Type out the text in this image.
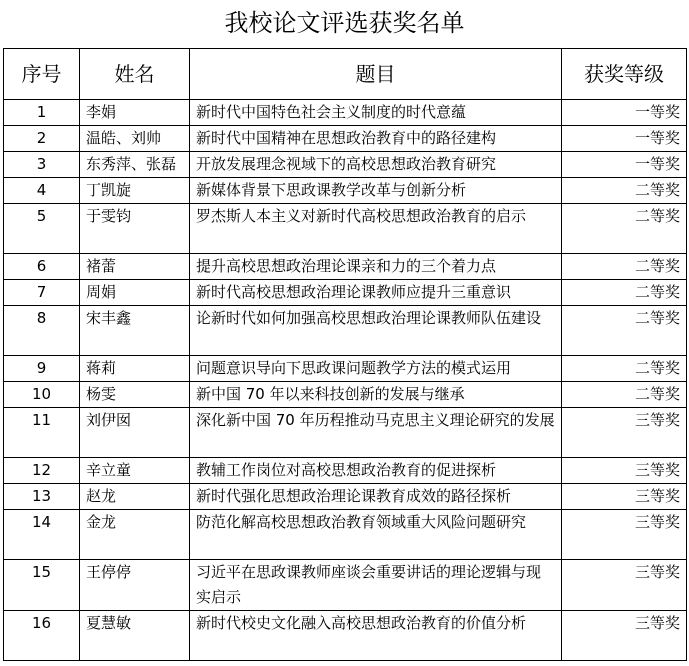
我校论文评选获奖名单
序号	姓名	题目	获奖等级
1	李娟	新时代中国特色社会主义制度的时代意蕴	一等奖
2	温皓、刘帅	新时代中国精神在思想政治教育中的路径建构	一等奖
3	东秀萍、张磊	开放发展理念视域下的高校思想政治教育研究	一等奖
4	丁凯旋	新媒体背景下思政课教学改革与创新分析	二等奖
5	于雯钧	罗杰斯人本主义对新时代高校思想政治教育的启示	二等奖
6	褚蕾	提升高校思想政治理论课亲和力的三个着力点	二等奖
7	周娟	新时代高校思想政治理论课教师应提升三重意识	二等奖
8	宋丰鑫	论新时代如何加强高校思想政治理论课教师队伍建设	二等奖
9	蒋莉	问题意识导向下思政课问题教学方法的模式运用	二等奖
10	杨雯	新中国 70 年以来科技创新的发展与继承	二等奖
11	刘伊囡	深化新中国 70 年历程推动马克思主义理论研究的发展	三等奖
12	辛立童	教辅工作岗位对高校思想政治教育的促进探析	三等奖
13	赵龙	新时代强化思想政治理论课教育成效的路径探析	三等奖
14	金龙	防范化解高校思想政治教育领域重大风险问题研究	三等奖
15	王停停	习近平在思政课教师座谈会重要讲话的理论逻辑与现实启示	三等奖
16	夏慧敏	新时代校史文化融入高校思想政治教育的价值分析	三等奖
